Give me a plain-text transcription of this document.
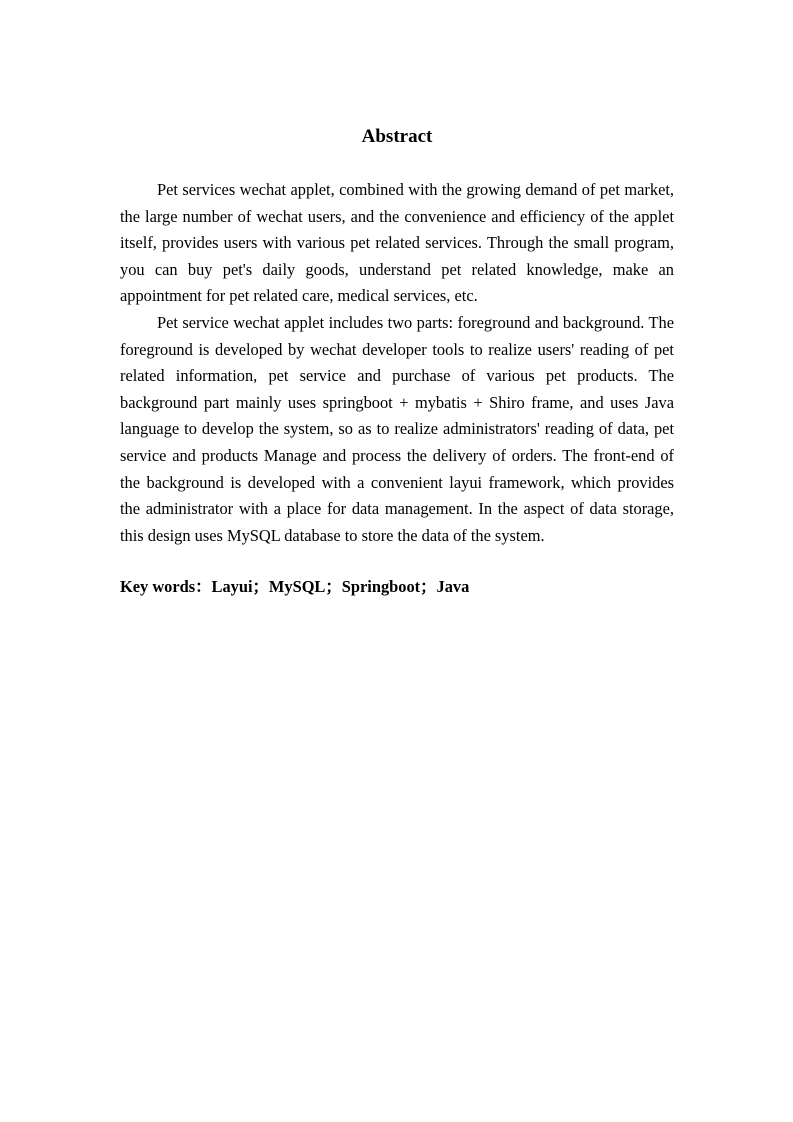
Abstract

Pet services wechat applet, combined with the growing demand of pet market, the large number of wechat users, and the convenience and efficiency of the applet itself, provides users with various pet related services. Through the small program, you can buy pet's daily goods, understand pet related knowledge, make an appointment for pet related care, medical services, etc.

Pet service wechat applet includes two parts: foreground and background. The foreground is developed by wechat developer tools to realize users' reading of pet related information, pet service and purchase of various pet products. The background part mainly uses springboot + mybatis + Shiro frame, and uses Java language to develop the system, so as to realize administrators' reading of data, pet service and products Manage and process the delivery of orders. The front-end of the background is developed with a convenient layui framework, which provides the administrator with a place for data management. In the aspect of data storage, this design uses MySQL database to store the data of the system.

Key words：Layui；MySQL；Springboot；Java
